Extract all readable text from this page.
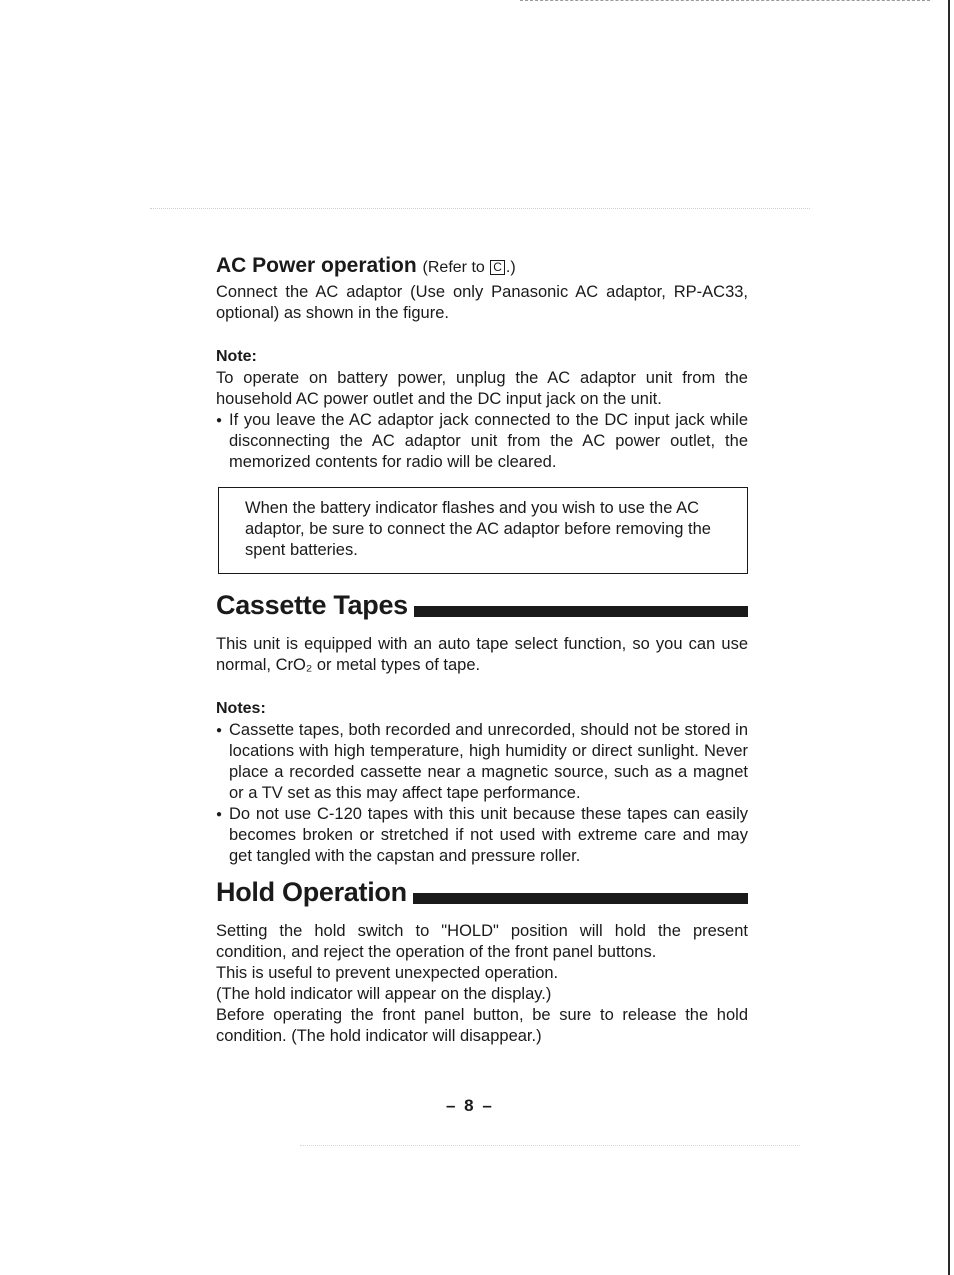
AC Power operation (Refer to C .)

Connect the AC adaptor (Use only Panasonic AC adaptor, RP-AC33, optional) as shown in the figure.

Note:

To operate on battery power, unplug the AC adaptor unit from the household AC power outlet and the DC input jack on the unit.

● If you leave the AC adaptor jack connected to the DC input jack while disconnecting the AC adaptor unit from the AC power outlet, the memorized contents for radio will be cleared.

When the battery indicator flashes and you wish to use the AC adaptor, be sure to connect the AC adaptor before removing the spent batteries.

Cassette Tapes

This unit is equipped with an auto tape select function, so you can use normal, CrO₂ or metal types of tape.

Notes:

● Cassette tapes, both recorded and unrecorded, should not be stored in locations with high temperature, high humidity or direct sunlight. Never place a recorded cassette near a magnetic source, such as a magnet or a TV set as this may affect tape performance.

● Do not use C-120 tapes with this unit because these tapes can easily becomes broken or stretched if not used with extreme care and may get tangled with the capstan and pressure roller.

Hold Operation

Setting the hold switch to "HOLD" position will hold the present condition, and reject the operation of the front panel buttons.

This is useful to prevent unexpected operation.

(The hold indicator will appear on the display.)

Before operating the front panel button, be sure to release the hold condition. (The hold indicator will disappear.)

– 8 –
